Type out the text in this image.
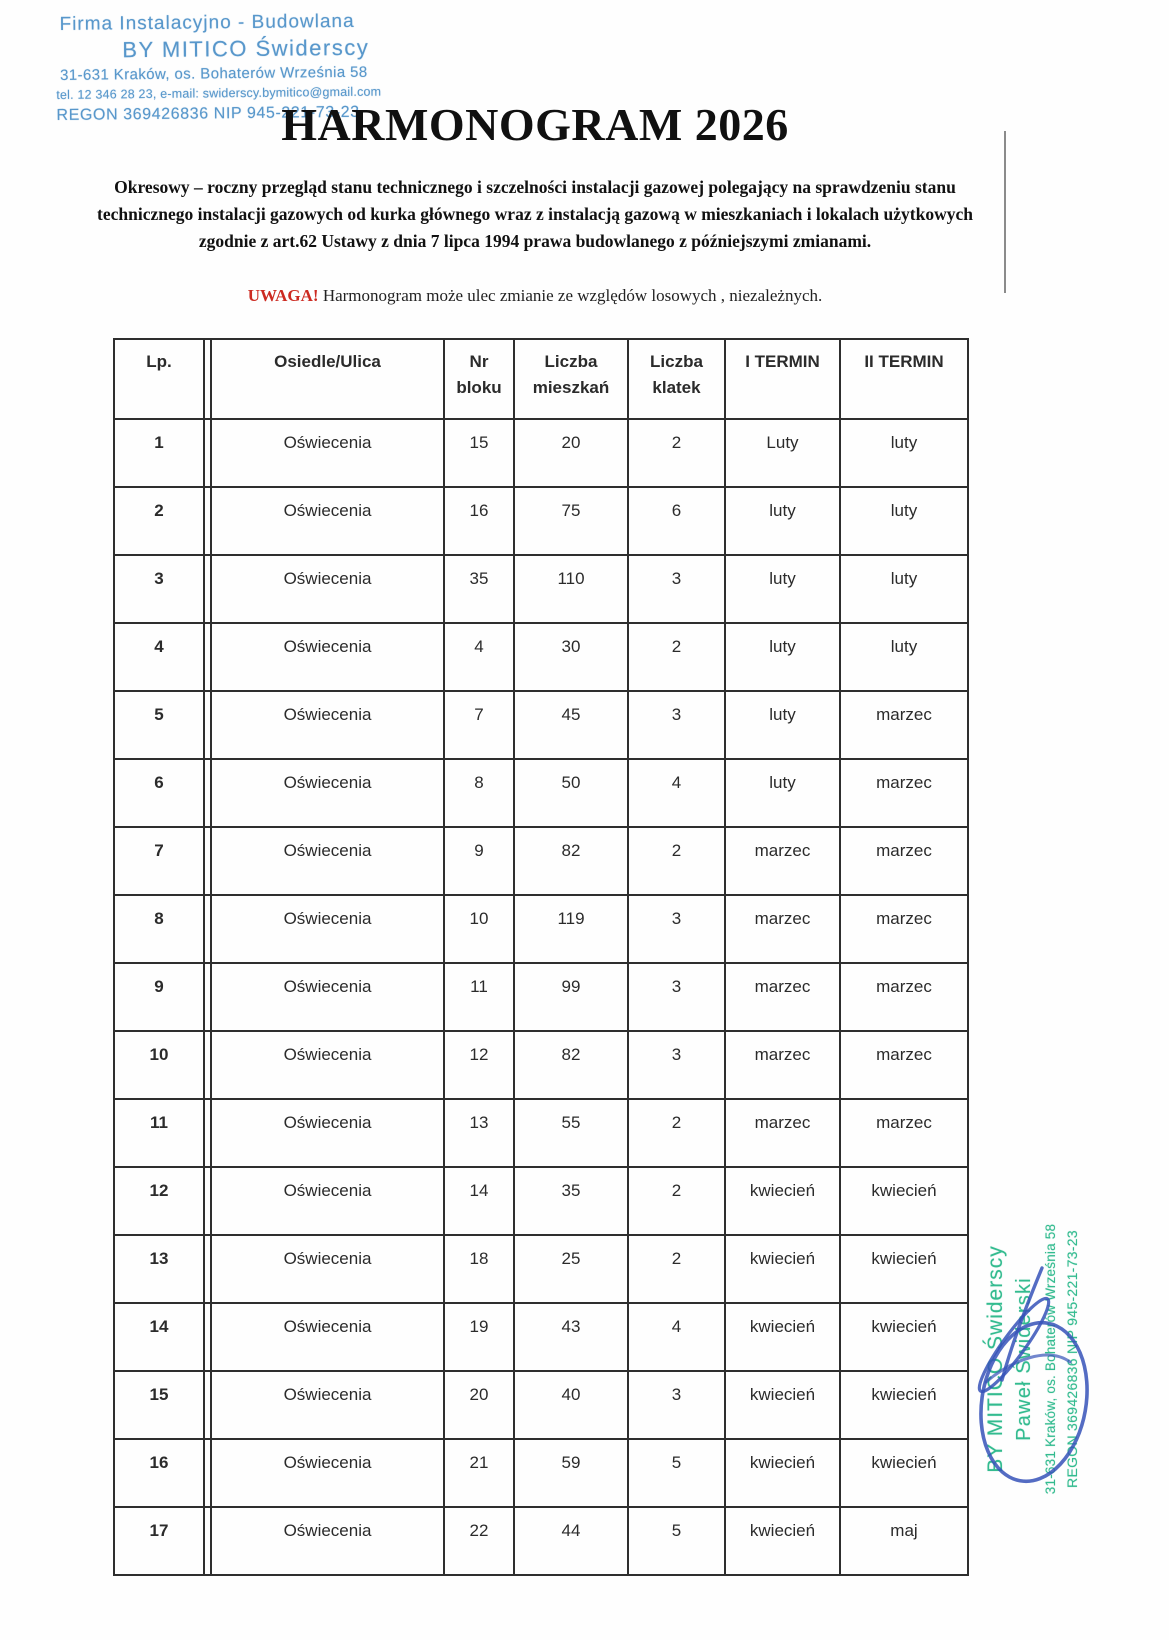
Firma Instalacyjno - Budowlana
BY MITICO Świderscy
31-631 Kraków, os. Bohaterów Września 58
tel. 12 346 28 23, e-mail: swiderscy.bymitico@gmail.com
REGON 369426836 NIP 945-221-73-23
HARMONOGRAM 2026
Okresowy – roczny przegląd stanu technicznego i szczelności instalacji gazowej polegający na sprawdzeniu stanu technicznego instalacji gazowych od kurka głównego wraz z instalacją gazową w mieszkaniach i lokalach użytkowych zgodnie z art.62 Ustawy z dnia 7 lipca 1994 prawa budowlanego z późniejszymi zmianami.
UWAGA! Harmonogram może ulec zmianie ze względów losowych , niezależnych.
Lp.		Osiedle/Ulica	Nr bloku	Liczba mieszkań	Liczba klatek	I TERMIN	II TERMIN
1		Oświecenia	15	20	2	Luty	luty
2		Oświecenia	16	75	6	luty	luty
3		Oświecenia	35	110	3	luty	luty
4		Oświecenia	4	30	2	luty	luty
5		Oświecenia	7	45	3	luty	marzec
6		Oświecenia	8	50	4	luty	marzec
7		Oświecenia	9	82	2	marzec	marzec
8		Oświecenia	10	119	3	marzec	marzec
9		Oświecenia	11	99	3	marzec	marzec
10		Oświecenia	12	82	3	marzec	marzec
11		Oświecenia	13	55	2	marzec	marzec
12		Oświecenia	14	35	2	kwiecień	kwiecień
13		Oświecenia	18	25	2	kwiecień	kwiecień
14		Oświecenia	19	43	4	kwiecień	kwiecień
15		Oświecenia	20	40	3	kwiecień	kwiecień
16		Oświecenia	21	59	5	kwiecień	kwiecień
17		Oświecenia	22	44	5	kwiecień	maj
BY MITICO Świderscy Paweł Świderski 31-631 Kraków, os. Bohaterów Września 58 REGON 369426836 NIP 945-221-73-23
